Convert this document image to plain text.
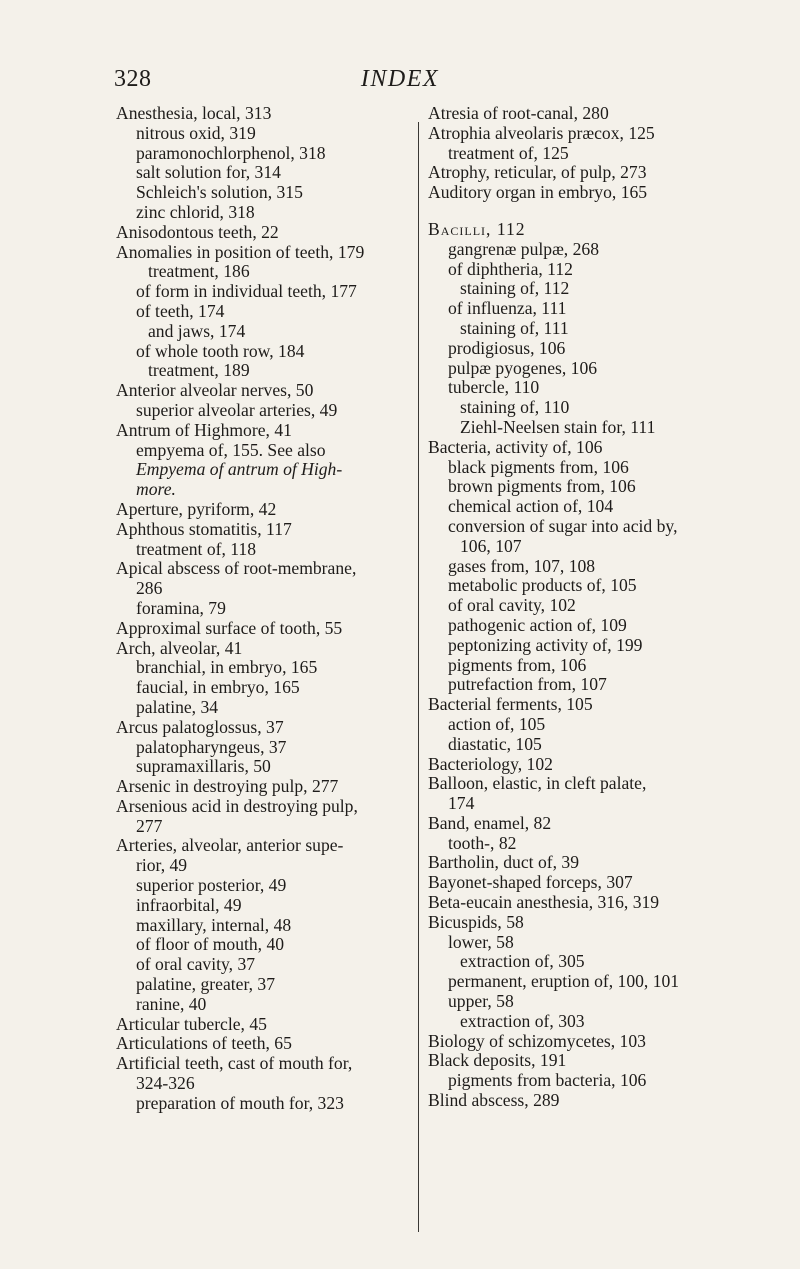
328	INDEX
Anesthesia, local, 313
nitrous oxid, 319
paramonochlorphenol, 318
salt solution for, 314
Schleich's solution, 315
zinc chlorid, 318
Anisodontous teeth, 22
Anomalies in position of teeth, 179
treatment, 186
of form in individual teeth, 177
of teeth, 174
and jaws, 174
of whole tooth row, 184
treatment, 189
Anterior alveolar nerves, 50
superior alveolar arteries, 49
Antrum of Highmore, 41
empyema of, 155. See also
Empyema of antrum of High-
more.
Aperture, pyriform, 42
Aphthous stomatitis, 117
treatment of, 118
Apical abscess of root-membrane,
286
foramina, 79
Approximal surface of tooth, 55
Arch, alveolar, 41
branchial, in embryo, 165
faucial, in embryo, 165
palatine, 34
Arcus palatoglossus, 37
palatopharyngeus, 37
supramaxillaris, 50
Arsenic in destroying pulp, 277
Arsenious acid in destroying pulp,
277
Arteries, alveolar, anterior supe-
rior, 49
superior posterior, 49
infraorbital, 49
maxillary, internal, 48
of floor of mouth, 40
of oral cavity, 37
palatine, greater, 37
ranine, 40
Articular tubercle, 45
Articulations of teeth, 65
Artificial teeth, cast of mouth for,
324-326
preparation of mouth for, 323
Atresia of root-canal, 280
Atrophia alveolaris præcox, 125
treatment of, 125
Atrophy, reticular, of pulp, 273
Auditory organ in embryo, 165
Bacilli, 112
gangrenæ pulpæ, 268
of diphtheria, 112
staining of, 112
of influenza, 111
staining of, 111
prodigiosus, 106
pulpæ pyogenes, 106
tubercle, 110
staining of, 110
Ziehl-Neelsen stain for, 111
Bacteria, activity of, 106
black pigments from, 106
brown pigments from, 106
chemical action of, 104
conversion of sugar into acid by,
106, 107
gases from, 107, 108
metabolic products of, 105
of oral cavity, 102
pathogenic action of, 109
peptonizing activity of, 199
pigments from, 106
putrefaction from, 107
Bacterial ferments, 105
action of, 105
diastatic, 105
Bacteriology, 102
Balloon, elastic, in cleft palate,
174
Band, enamel, 82
tooth-, 82
Bartholin, duct of, 39
Bayonet-shaped forceps, 307
Beta-eucain anesthesia, 316, 319
Bicuspids, 58
lower, 58
extraction of, 305
permanent, eruption of, 100, 101
upper, 58
extraction of, 303
Biology of schizomycetes, 103
Black deposits, 191
pigments from bacteria, 106
Blind abscess, 289
